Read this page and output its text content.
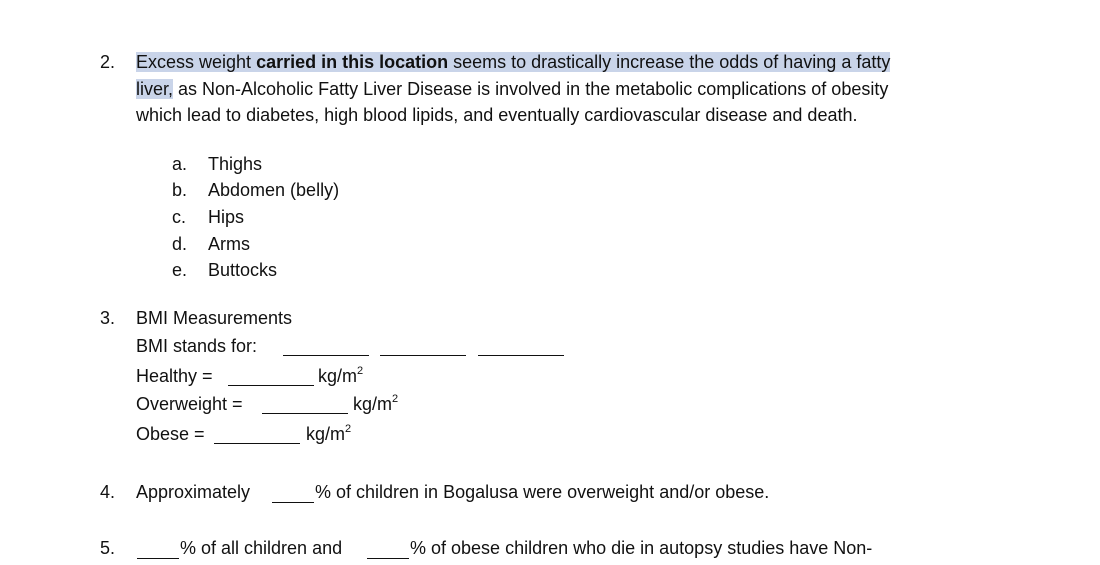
2. Excess weight carried in this location seems to drastically increase the odds of having a fatty
liver, as Non-Alcoholic Fatty Liver Disease is involved in the metabolic complications of obesity
which lead to diabetes, high blood lipids, and eventually cardiovascular disease and death.
a. Thighs
b. Abdomen (belly)
c. Hips
d. Arms
e. Buttocks
3. BMI Measurements
BMI stands for:
Healthy =	$kg/m^2$
Overweight =	$kg/m^2$
Obese =	$kg/m^2$
4. Approximately	% of children in Bogalusa were overweight and/or obese.
5.	% of all children and	% of obese children who die in autopsy studies have Non-
